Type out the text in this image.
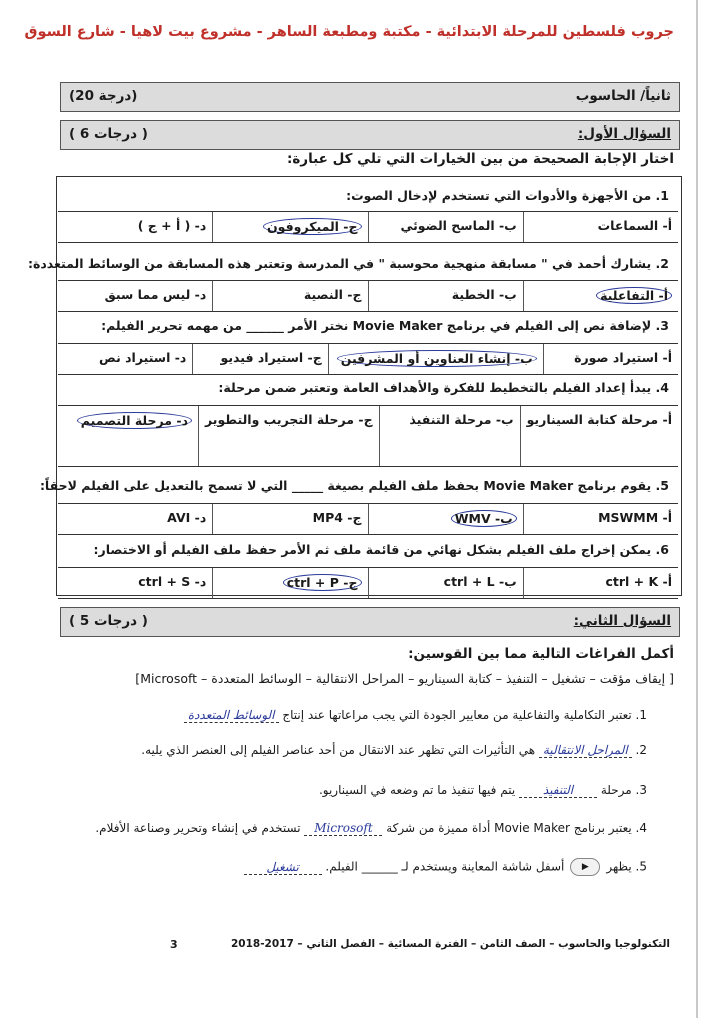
جروب فلسطين للمرحلة الابتدائية - مكتبة ومطبعة الساهر - مشروع بيت لاهيا - شارع السوق
ثانياً/ الحاسوب
(20 درجة)
السؤال الأول:
( 6 درجات )
اختار الإجابة الصحيحة من بين الخيارات التي تلي كل عبارة:
1. من الأجهزة والأدوات التي تستخدم لإدخال الصوت:
أ- السماعات
ب- الماسح الضوئي
ج- الميكروفون
د- ( أ + ج )
2. يشارك أحمد في " مسابقة منهجية محوسبة " في المدرسة وتعتبر هذه المسابقة من الوسائط المتعددة:
أ- التفاعلية
ب- الخطية
ج- النصية
د- ليس مما سبق
3. لإضافة نص إلى الفيلم في برنامج Movie Maker نختر الأمر ______ من مهمه تحرير الفيلم:
أ- استيراد صورة
ب- إنشاء العناوين أو المشرفين
ج- استيراد فيديو
د- استيراد نص
4. يبدأ إعداد الفيلم بالتخطيط للفكرة والأهداف العامة وتعتبر ضمن مرحلة:
أ- مرحلة كتابة السيناريو
ب- مرحلة التنفيذ
ج- مرحلة التجريب والتطوير
د- مرحلة التصميم
5. يقوم برنامج Movie Maker بحفظ ملف الفيلم بصيغة _____ التي لا تسمح بالتعديل على الفيلم لاحقاً:
أ- MSWMM
ب- WMV
ج- MP4
د- AVI
6. يمكن إخراج ملف الفيلم بشكل نهائي من قائمة ملف ثم الأمر حفظ ملف الفيلم أو الاختصار:
أ- ctrl + K
ب- ctrl + L
ج- ctrl + P
د- ctrl + S
السؤال الثاني:
( 5 درجات )
أكمل الفراغات التالية مما بين القوسين:
[ إيقاف مؤقت – تشغيل – التنفيذ – كتابة السيناريو – المراحل الانتقالية – الوسائط المتعددة – Microsoft]
1. تعتبر التكاملية والتفاعلية من معايير الجودة التي يجب مراعاتها عند إنتاج الوسائط المتعددة
2. المراحل الانتقالية هي التأثيرات التي تظهر عند الانتقال من أحد عناصر الفيلم إلى العنصر الذي يليه.
3. مرحلة التنفيذ يتم فيها تنفيذ ما تم وضعه في السيناريو.
4. يعتبر برنامج Movie Maker أداة مميزة من شركة Microsoft تستخدم في إنشاء وتحرير وصناعة الأفلام.
5. يظهر▶أسفل شاشة المعاينة ويستخدم لـ ______ الفيلم. تشغيل
التكنولوجيا والحاسوب – الصف الثامن – الفترة المسائية – الفصل الثاني – 2017-2018
3
